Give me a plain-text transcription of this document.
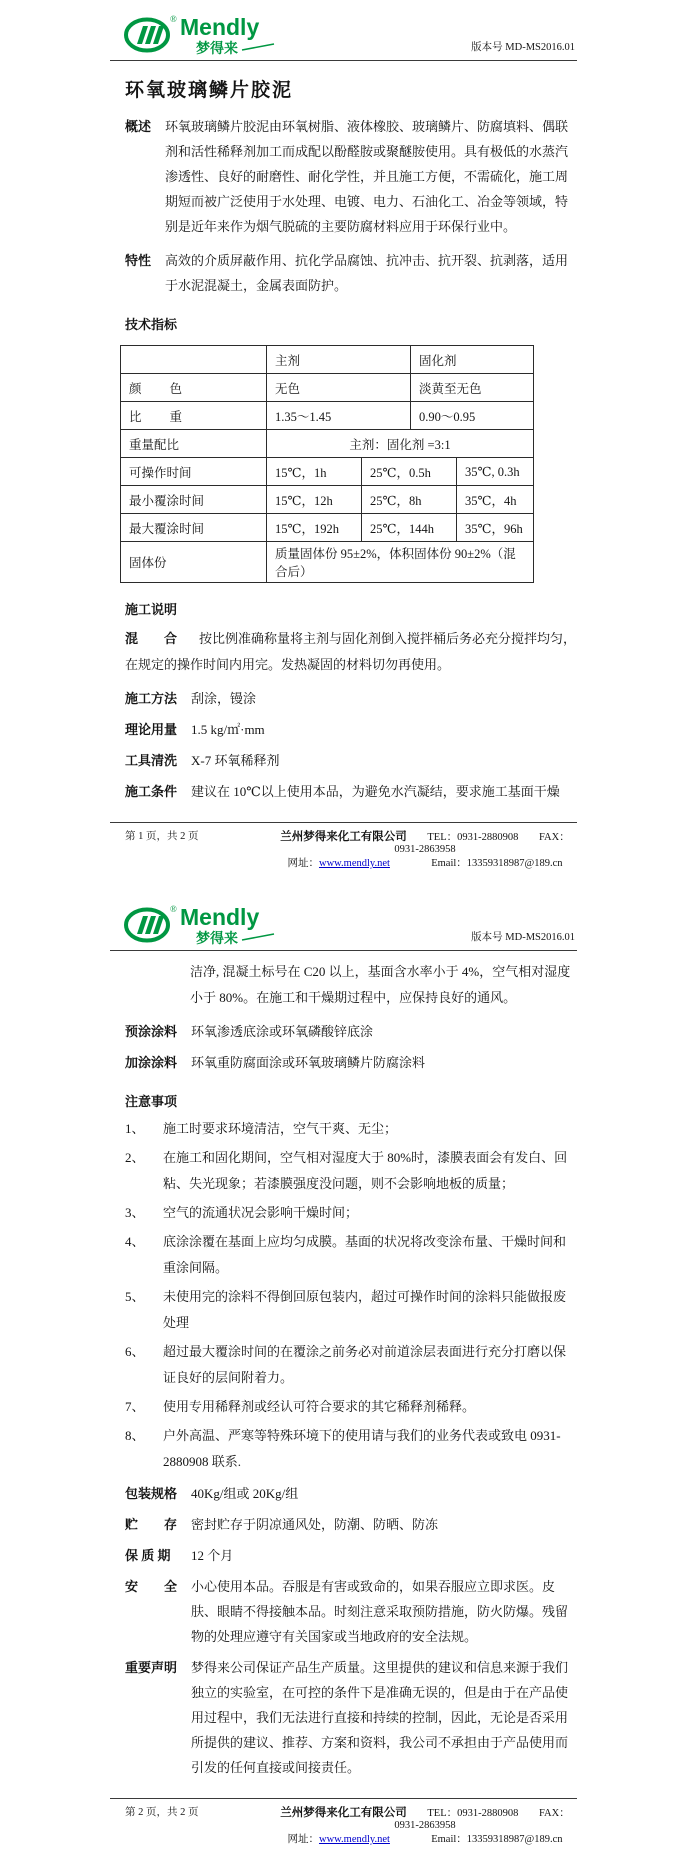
® Mendly
梦得来	版本号 MD-MS2016.01
环氧玻璃鳞片胶泥
概述	环氧玻璃鳞片胶泥由环氧树脂、液体橡胶、玻璃鳞片、防腐填料、偶联剂和活性稀释剂加工而成配以酚醛胺或聚醚胺使用。具有极低的水蒸汽渗透性、良好的耐磨性、耐化学性，并且施工方便，不需硫化，施工周期短而被广泛使用于水处理、电镀、电力、石油化工、冶金等领域，特别是近年来作为烟气脱硫的主要防腐材料应用于环保行业中。
特性	高效的介质屏蔽作用、抗化学品腐蚀、抗冲击、抗开裂、抗剥落，适用于水泥混凝土，金属表面防护。
技术指标
	主剂		固化剂	
颜　　色	无色		淡黄至无色	
比　　重	1.35～1.45		0.90～0.95	
重量配比	主剂：固化剂 =3:1			
可操作时间	15℃，1h	25℃，0.5h		35℃, 0.3h
最小覆涂时间	15℃，12h	25℃，8h		35℃，4h
最大覆涂时间	15℃，192h	25℃，144h		35℃，96h
固体份	质量固体份 95±2%，体积固体份 90±2%（混合后）			
施工说明
混　　合 按比例准确称量将主剂与固化剂倒入搅拌桶后务必充分搅拌均匀，在规定的操作时间内用完。发热凝固的材料切勿再使用。
施工方法	刮涂，镘涂
理论用量	1.5 kg/㎡·mm
工具清洗	X-7 环氧稀释剂
施工条件	建议在 10℃以上使用本品，为避免水汽凝结，要求施工基面干燥
第 1 页，共 2 页	兰州梦得来化工有限公司 TEL：0931-2880908 FAX：0931-2863958
网址：www.mendly.net	Email：13359318987@189.cn
® Mendly
梦得来	版本号 MD-MS2016.01
洁净, 混凝土标号在 C20 以上，基面含水率小于 4%，空气相对湿度小于 80%。在施工和干燥期过程中，应保持良好的通风。
预涂涂料	环氧渗透底涂或环氧磷酸锌底涂
加涂涂料	环氧重防腐面涂或环氧玻璃鳞片防腐涂料
注意事项
1、	施工时要求环境清洁，空气干爽、无尘；
2、	在施工和固化期间，空气相对湿度大于 80%时，漆膜表面会有发白、回粘、失光现象；若漆膜强度没问题，则不会影响地板的质量；
3、	空气的流通状况会影响干燥时间；
4、	底涂涂覆在基面上应均匀成膜。基面的状况将改变涂布量、干燥时间和重涂间隔。
5、	未使用完的涂料不得倒回原包装内，超过可操作时间的涂料只能做报废处理
6、	超过最大覆涂时间的在覆涂之前务必对前道涂层表面进行充分打磨以保证良好的层间附着力。
7、	使用专用稀释剂或经认可符合要求的其它稀释剂稀释。
8、	户外高温、严寒等特殊环境下的使用请与我们的业务代表或致电 0931-2880908 联系.
包装规格	40Kg/组或 20Kg/组
贮　　存	密封贮存于阴凉通风处，防潮、防晒、防冻
保 质 期	12 个月
安　　全	小心使用本品。吞服是有害或致命的，如果吞服应立即求医。皮肤、眼睛不得接触本品。时刻注意采取预防措施，防火防爆。残留物的处理应遵守有关国家或当地政府的安全法规。
重要声明	梦得来公司保证产品生产质量。这里提供的建议和信息来源于我们独立的实验室，在可控的条件下是准确无误的，但是由于在产品使用过程中，我们无法进行直接和持续的控制，因此，无论是否采用所提供的建议、推荐、方案和资料，我公司不承担由于产品使用而引发的任何直接或间接责任。
第 2 页，共 2 页	兰州梦得来化工有限公司 TEL：0931-2880908 FAX：0931-2863958
网址：www.mendly.net	Email：13359318987@189.cn
